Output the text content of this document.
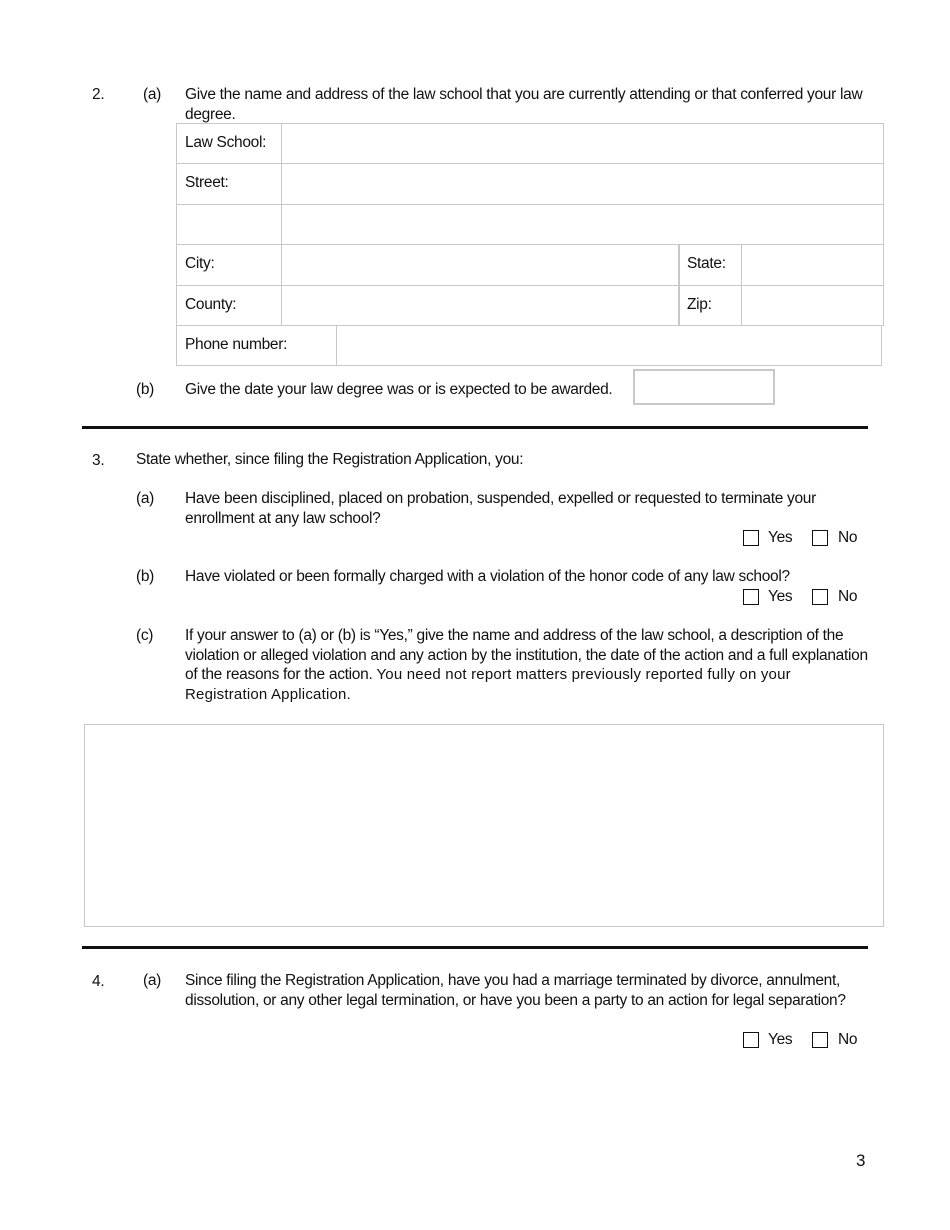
2. (a) Give the name and address of the law school that you are currently attending or that conferred your law degree.
Law School:
Street:
City:	State:
County:	Zip:
Phone number:
(b) Give the date your law degree was or is expected to be awarded.
3. State whether, since filing the Registration Application, you:
(a) Have been disciplined, placed on probation, suspended, expelled or requested to terminate your enrollment at any law school?
Yes	No
(b) Have violated or been formally charged with a violation of the honor code of any law school?
Yes	No
(c) If your answer to (a) or (b) is “Yes,” give the name and address of the law school, a description of the violation or alleged violation and any action by the institution, the date of the action and a full explanation of the reasons for the action. You need not report matters previously reported fully on your Registration Application.
4. (a) Since filing the Registration Application, have you had a marriage terminated by divorce, annulment, dissolution, or any other legal termination, or have you been a party to an action for legal separation?
Yes	No
3
